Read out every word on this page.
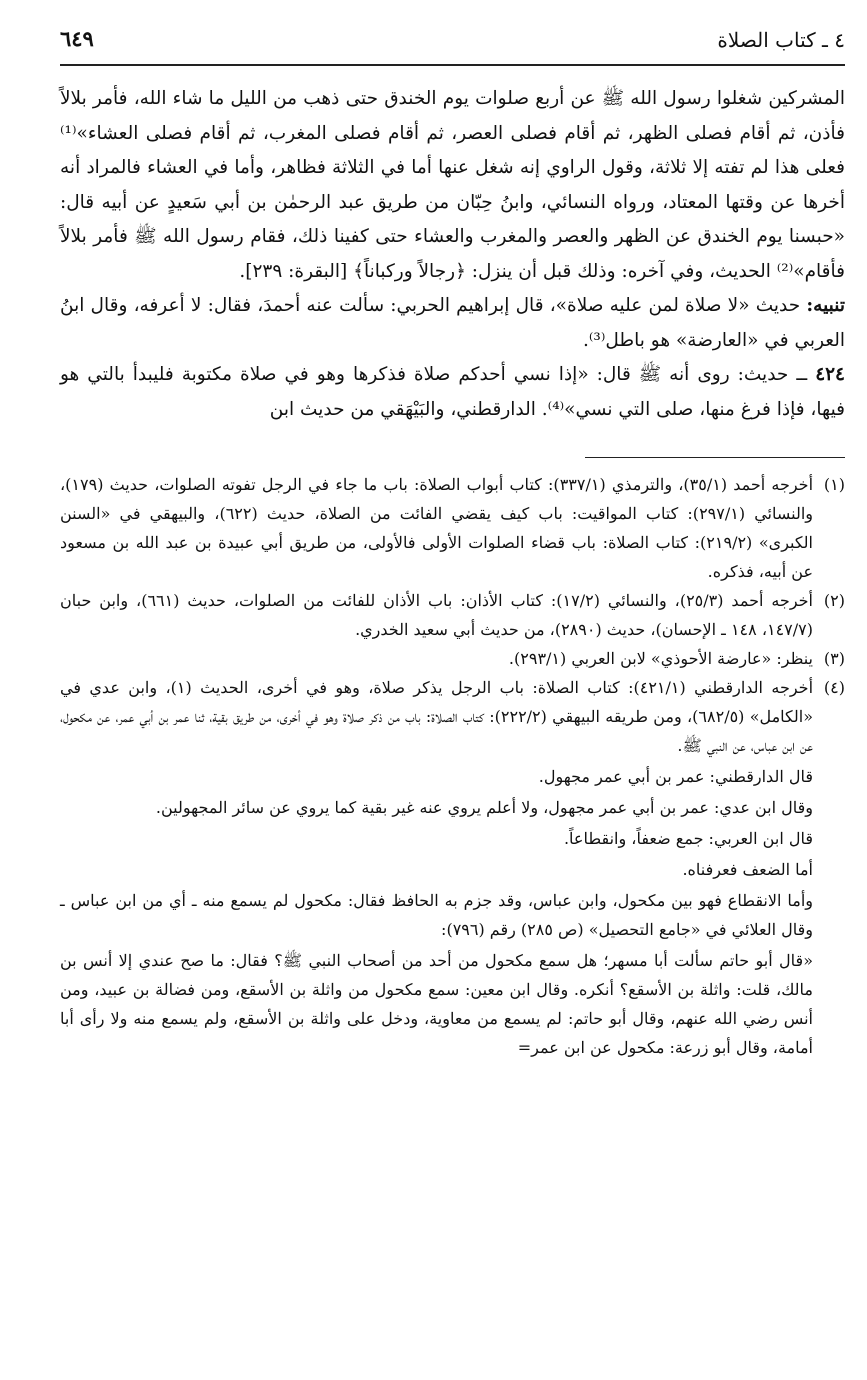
٤ ـ كتاب الصلاة
٦٤٩

المشركين شغلوا رسول الله ﷺ عن أربع صلوات يوم الخندق حتى ذهب من الليل ما شاء الله، فأمر بلالاً فأذن، ثم أقام فصلى الظهر، ثم أقام فصلى العصر، ثم أقام فصلى المغرب، ثم أقام فصلى العشاء»⁽¹⁾ فعلى هذا لم تفته إلا ثلاثة، وقول الراوي إنه شغل عنها أما في الثلاثة فظاهر، وأما في العشاء فالمراد أنه أخرها عن وقتها المعتاد، ورواه النسائي، وابنُ حِبّان من طريق عبد الرحمٰن بن أبي سَعيدٍ عن أبيه قال: «حبسنا يوم الخندق عن الظهر والعصر والمغرب والعشاء حتى كفينا ذلك، فقام رسول الله ﷺ فأمر بلالاً فأقام»⁽²⁾ الحديث، وفي آخره: وذلك قبل أن ينزل: ﴿رجالاً وركباناً﴾ [البقرة: ٢٣٩].

تنبيه: حديث «لا صلاة لمن عليه صلاة»، قال إبراهيم الحربي: سألت عنه أحمدَ، فقال: لا أعرفه، وقال ابنُ العربي في «العارضة» هو باطل⁽³⁾.

٤٢٤ ــ حديث: روى أنه ﷺ قال: «إذا نسي أحدكم صلاة فذكرها وهو في صلاة مكتوبة فليبدأ بالتي هو فيها، فإذا فرغ منها، صلى التي نسي»⁽⁴⁾. الدارقطني، والبَيْهَقي من حديث ابن

(١)

أخرجه أحمد (٣٥/١)، والترمذي (٣٣٧/١): كتاب أبواب الصلاة: باب ما جاء في الرجل تفوته الصلوات، حديث (١٧٩)، والنسائي (٢٩٧/١): كتاب المواقيت: باب كيف يقضي الفائت من الصلاة، حديث (٦٢٢)، والبيهقي في «السنن الكبرى» (٢١٩/٢): كتاب الصلاة: باب قضاء الصلوات الأولى فالأولى، من طريق أبي عبيدة بن عبد الله بن مسعود عن أبيه، فذكره.

(٢)

أخرجه أحمد (٢٥/٣)، والنسائي (١٧/٢): كتاب الأذان: باب الأذان للفائت من الصلوات، حديث (٦٦١)، وابن حبان (١٤٧/٧، ١٤٨ ـ الإحسان)، حديث (٢٨٩٠)، من حديث أبي سعيد الخدري.

(٣)

ينظر: «عارضة الأحوذي» لابن العربي (٢٩٣/١).

(٤)

أخرجه الدارقطني (٤٢١/١): كتاب الصلاة: باب الرجل يذكر صلاة، وهو في أخرى، الحديث (١)، وابن عدي في «الكامل» (٦٨٢/٥)، ومن طريقه البيهقي (٢٢٢/٢): كتاب الصلاة: باب من ذكر صلاة وهو في أخرى، من طريق بقية، ثنا عمر بن أبي عمر، عن مكحول، عن ابن عباس، عن النبي ﷺ.

قال الدارقطني: عمر بن أبي عمر مجهول.

وقال ابن عدي: عمر بن أبي عمر مجهول، ولا أعلم يروي عنه غير بقية كما يروي عن سائر المجهولين.

قال ابن العربي: جمع ضعفاً، وانقطاعاً.

أما الضعف فعرفناه.

وأما الانقطاع فهو بين مكحول، وابن عباس، وقد جزم به الحافظ فقال: مكحول لم يسمع منه ـ أي من ابن عباس ـ وقال العلائي في «جامع التحصيل» (ص ٢٨٥) رقم (٧٩٦):

«قال أبو حاتم سألت أبا مسهر؛ هل سمع مكحول من أحد من أصحاب النبي ﷺ؟ فقال: ما صح عندي إلا أنس بن مالك، قلت: واثلة بن الأسقع؟ أنكره. وقال ابن معين: سمع مكحول من واثلة بن الأسقع، ومن فضالة بن عبيد، ومن أنس رضي الله عنهم، وقال أبو حاتم: لم يسمع من معاوية، ودخل على واثلة بن الأسقع، ولم يسمع منه ولا رأى أبا أمامة، وقال أبو زرعة: مكحول عن ابن عمر=
